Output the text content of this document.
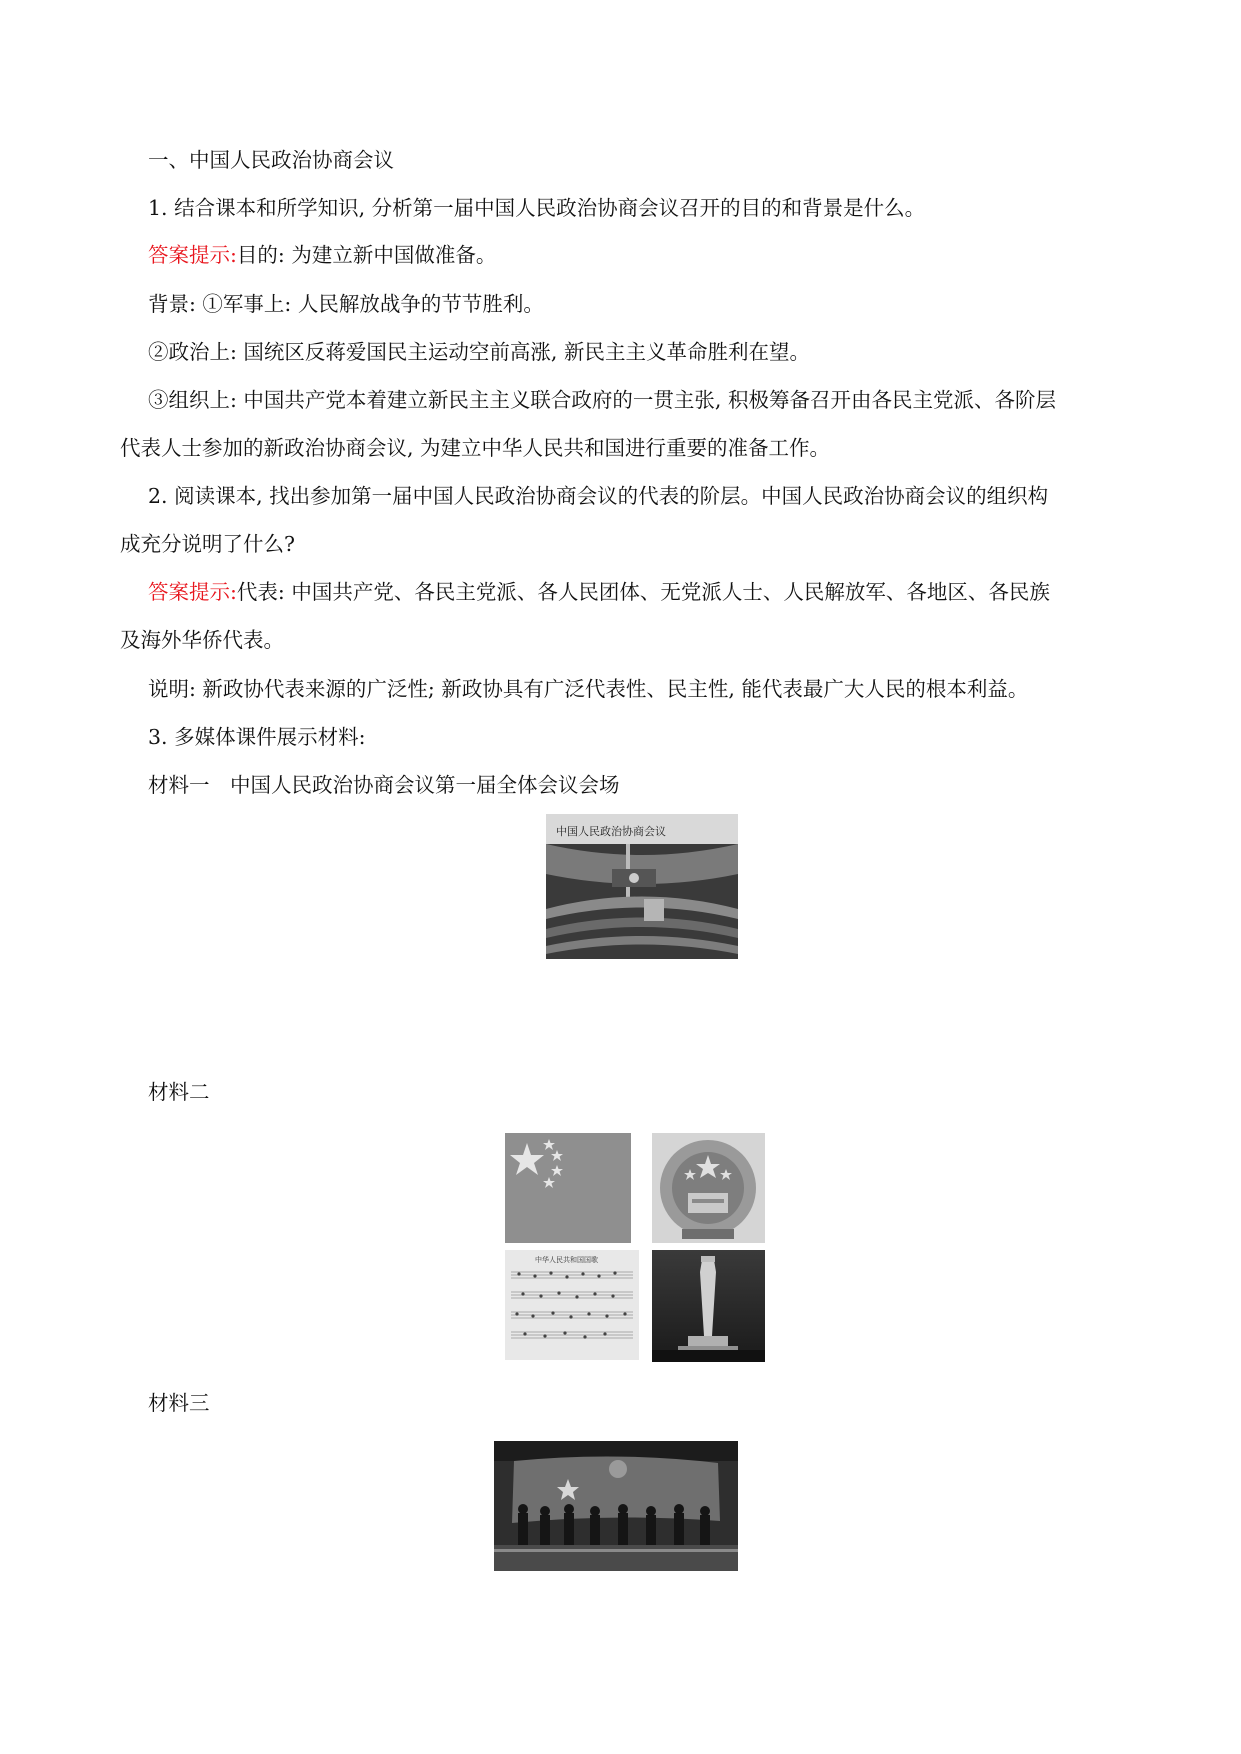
一、中国人民政治协商会议
1. 结合课本和所学知识, 分析第一届中国人民政治协商会议召开的目的和背景是什么。
答案提示:目的: 为建立新中国做准备。
背景: ①军事上: 人民解放战争的节节胜利。
②政治上: 国统区反蒋爱国民主运动空前高涨, 新民主主义革命胜利在望。
③组织上: 中国共产党本着建立新民主主义联合政府的一贯主张, 积极筹备召开由各民主党派、各阶层
代表人士参加的新政治协商会议, 为建立中华人民共和国进行重要的准备工作。
2. 阅读课本, 找出参加第一届中国人民政治协商会议的代表的阶层。中国人民政治协商会议的组织构
成充分说明了什么?
答案提示:代表: 中国共产党、各民主党派、各人民团体、无党派人士、人民解放军、各地区、各民族
及海外华侨代表。
说明: 新政协代表来源的广泛性; 新政协具有广泛代表性、民主性, 能代表最广大人民的根本利益。
3. 多媒体课件展示材料:
材料一　中国人民政治协商会议第一届全体会议会场
中国人民政治协商会议
材料二
中华人民共和国国歌
材料三
